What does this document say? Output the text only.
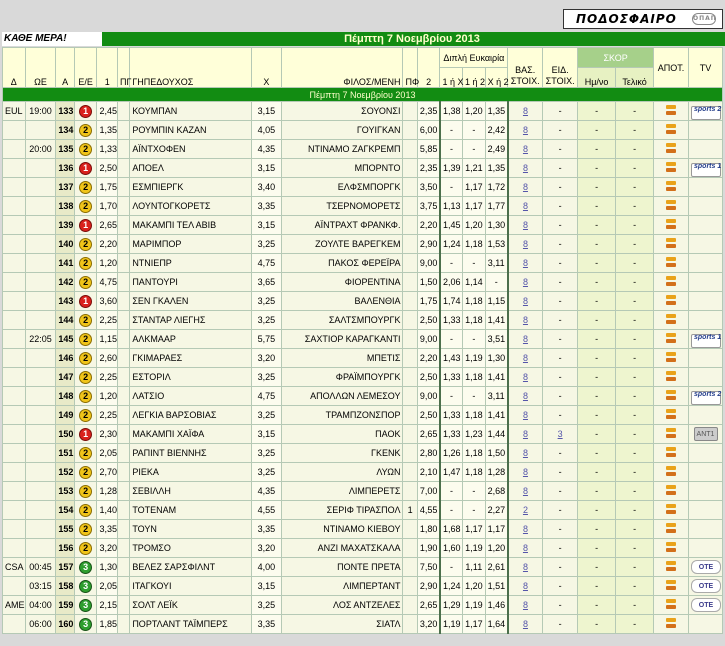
ΠΟΔΟΣΦΑΙΡΟ	ΟΠΑΠ
ΚΑΘΕ ΜΕΡΑ!	Πέμπτη 7 Νοεμβρίου 2013
Δ	ΩΕ	Α	Ε/Ε	1	ΠΓ	ΓΗΠΕΔΟΥΧΟΣ	Χ	ΦΙΛΟΣ/ΜΕΝΗ	ΠΦ	2	Διπλή Ευκαιρία			ΒΑΣ. ΣΤΟΙΧ.	ΕΙΔ. ΣΤΟΙΧ.	ΣΚΟΡ		ΑΠΟΤ.	TV
											1 ή Χ	1 ή 2	Χ ή 2			Ημ/νο	Τελικό		
Πέμπτη 7 Νοεμβρίου 2013																			
EUL	19:00	133	1	2,45		ΚΟΥΜΠΑΝ	3,15	ΣΟΥΟΝΣΙ		2,35	1,38	1,20	1,35	8	-	-	-		sports 2
		134	2	1,35		ΡΟΥΜΠΙΝ ΚΑΖΑΝ	4,05	ΓΟΥΙΓΚΑΝ		6,00	-	-	2,42	8	-	-	-	

	20:00	135	2	1,33		ΑΪΝΤΧΟΦΕΝ	4,35	ΝΤΙΝΑΜΟ ΖΑΓΚΡΕΜΠ		5,85	-	-	2,49	8	-	-	-	

		136	1	2,50		ΑΠΟΕΛ	3,15	ΜΠΟΡΝΤΟ		2,35	1,39	1,21	1,35	8	-	-	-		sports 1
		137	2	1,75		ΕΣΜΠΙΕΡΓΚ	3,40	ΕΛΦΣΜΠΟΡΓΚ		3,50	-	1,17	1,72	8	-	-	-	

		138	2	1,70		ΛΟΥΝΤΟΓΚΟΡΕΤΣ	3,35	ΤΣΕΡΝΟΜΟΡΕΤΣ		3,75	1,13	1,17	1,77	8	-	-	-	

		139	1	2,65		ΜΑΚΑΜΠΙ ΤΕΛ ΑΒΙΒ	3,15	ΑΪΝΤΡΑΧΤ ΦΡΑΝΚΦ.		2,20	1,45	1,20	1,30	8	-	-	-	

		140	2	2,20		ΜΑΡΙΜΠΟΡ	3,25	ΖΟΥΛΤΕ ΒΑΡΕΓΚΕΜ		2,90	1,24	1,18	1,53	8	-	-	-	

		141	2	1,20		ΝΤΝΙΕΠΡ	4,75	ΠΑΚΟΣ ΦΕΡΕΪΡΑ		9,00	-	-	3,11	8	-	-	-	

		142	2	4,75		ΠΑΝΤΟΥΡΙ	3,65	ΦΙΟΡΕΝΤΙΝΑ		1,50	2,06	1,14	-	8	-	-	-	

		143	1	3,60		ΣΕΝ ΓΚΑΛΕΝ	3,25	ΒΑΛΕΝΘΙΑ		1,75	1,74	1,18	1,15	8	-	-	-	

		144	2	2,25		ΣΤΑΝΤΑΡ ΛΙΕΓΗΣ	3,25	ΣΑΛΤΣΜΠΟΥΡΓΚ		2,50	1,33	1,18	1,41	8	-	-	-	

	22:05	145	2	1,15		ΑΛΚΜΑΑΡ	5,75	ΣΑΧΤΙΟΡ ΚΑΡΑΓΚΑΝΤΙ		9,00	-	-	3,51	8	-	-	-		sports 1
		146	2	2,60		ΓΚΙΜΑΡΑΕΣ	3,20	ΜΠΕΤΙΣ		2,20	1,43	1,19	1,30	8	-	-	-	

		147	2	2,25		ΕΣΤΟΡΙΛ	3,25	ΦΡΑΪΜΠΟΥΡΓΚ		2,50	1,33	1,18	1,41	8	-	-	-	

		148	2	1,20		ΛΑΤΣΙΟ	4,75	ΑΠΟΛΛΩΝ ΛΕΜΕΣΟΥ		9,00	-	-	3,11	8	-	-	-		sports 2
		149	2	2,25		ΛΕΓΚΙΑ ΒΑΡΣΟΒΙΑΣ	3,25	ΤΡΑΜΠΖΟΝΣΠΟΡ		2,50	1,33	1,18	1,41	8	-	-	-	

		150	1	2,30		ΜΑΚΑΜΠΙ ΧΑΪΦΑ	3,15	ΠΑΟΚ		2,65	1,33	1,23	1,44	8	3	-	-		ANT1
		151	2	2,05		ΡΑΠΙΝΤ ΒΙΕΝΝΗΣ	3,25	ΓΚΕΝΚ		2,80	1,26	1,18	1,50	8	-	-	-	

		152	2	2,70		ΡΙΕΚΑ	3,25	ΛΥΩΝ		2,10	1,47	1,18	1,28	8	-	-	-	

		153	2	1,28		ΣΕΒΙΛΛΗ	4,35	ΛΙΜΠΕΡΕΤΣ		7,00	-	-	2,68	8	-	-	-	

		154	2	1,40		ΤΟΤΕΝΑΜ	4,55	ΣΕΡΙΦ ΤΙΡΑΣΠΟΛ	1	4,55	-	-	2,27	2	-	-	-	

		155	2	3,35		ΤΟΥΝ	3,35	ΝΤΙΝΑΜΟ ΚΙΕΒΟΥ		1,80	1,68	1,17	1,17	8	-	-	-	

		156	2	3,20		ΤΡΟΜΣΟ	3,20	ΑΝΖΙ ΜΑΧΑΤΣΚΑΛΑ		1,90	1,60	1,19	1,20	8	-	-	-	

CSA	00:45	157	3	1,30		ΒΕΛΕΖ ΣΑΡΣΦΙΛΝΤ	4,00	ΠΟΝΤΕ ΠΡΕΤΑ		7,50	-	1,11	2,61	8	-	-	-		OTE
	03:15	158	3	2,05		ΙΤΑΓΚΟΥΙ	3,15	ΛΙΜΠΕΡΤΑΝΤ		2,90	1,24	1,20	1,51	8	-	-	-		OTE
AME	04:00	159	3	2,15		ΣΟΛΤ ΛΕΪΚ	3,25	ΛΟΣ ΑΝΤΖΕΛΕΣ		2,65	1,29	1,19	1,46	8	-	-	-		OTE
	06:00	160	3	1,85		ΠΟΡΤΛΑΝΤ ΤΑΪΜΠΕΡΣ	3,35	ΣΙΑΤΛ		3,20	1,19	1,17	1,64	8	-	-	-	
